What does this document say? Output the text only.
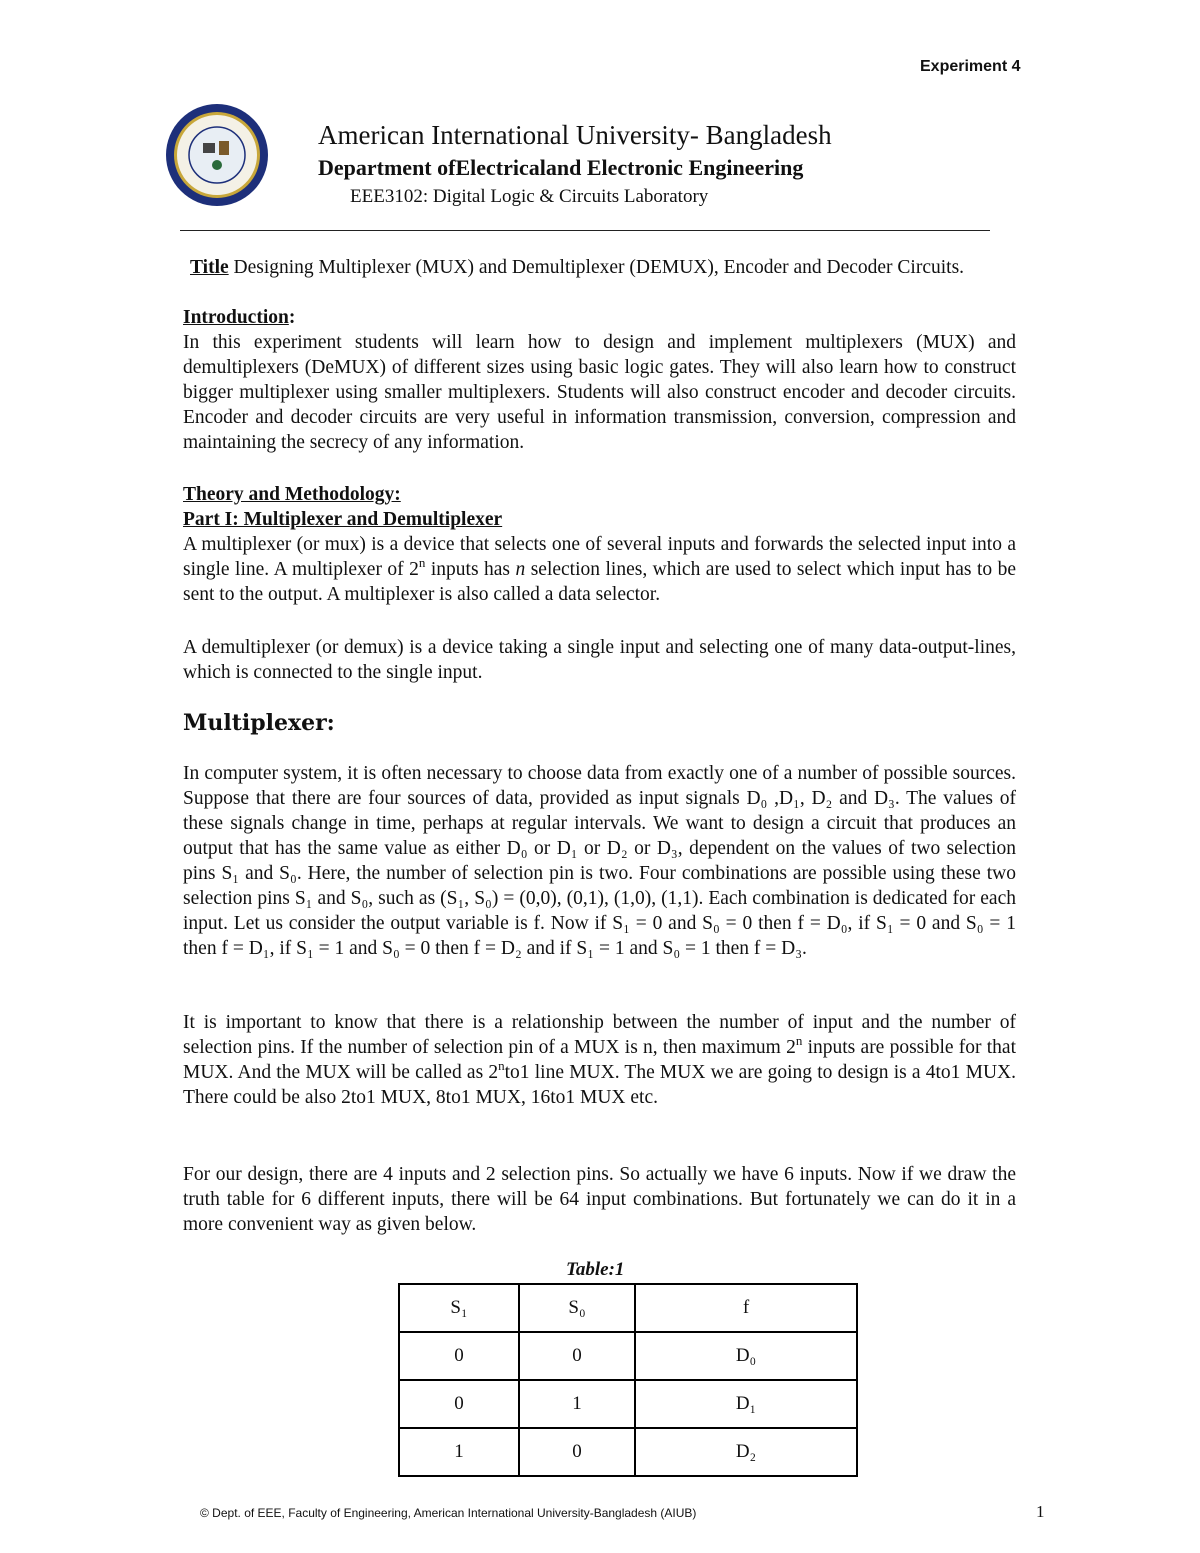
Experiment 4
American International University- Bangladesh
Department ofElectricaland Electronic Engineering
EEE3102: Digital Logic & Circuits Laboratory
Title Designing Multiplexer (MUX) and Demultiplexer (DEMUX), Encoder and Decoder Circuits.

Introduction:

In this experiment students will learn how to design and implement multiplexers (MUX) and demultiplexers (DeMUX) of different sizes using basic logic gates. They will also learn how to construct bigger multiplexer using smaller multiplexers. Students will also construct encoder and decoder circuits. Encoder and decoder circuits are very useful in information transmission, conversion, compression and maintaining the secrecy of any information.

Theory and Methodology:

Part I: Multiplexer and Demultiplexer

A multiplexer (or mux) is a device that selects one of several inputs and forwards the selected input into a single line. A multiplexer of 2$^n$ inputs has n selection lines, which are used to select which input has to be sent to the output. A multiplexer is also called a data selector.

A demultiplexer (or demux) is a device taking a single input and selecting one of many data-output-lines, which is connected to the single input.
Multiplexer:
In computer system, it is often necessary to choose data from exactly one of a number of possible sources. Suppose that there are four sources of data, provided as input signals D₀ ,D₁, D₂ and D₃. The values of these signals change in time, perhaps at regular intervals. We want to design a circuit that produces an output that has the same value as either D₀ or D₁ or D₂ or D₃, dependent on the values of two selection pins S₁ and S₀. Here, the number of selection pin is two. Four combinations are possible using these two selection pins S₁ and S₀, such as (S₁, S₀) = (0,0), (0,1), (1,0), (1,1). Each combination is dedicated for each input. Let us consider the output variable is f. Now if S₁ = 0 and S₀ = 0 then f = D₀, if S₁ = 0 and S₀ = 1 then f = D₁, if S₁ = 1 and S₀ = 0 then f = D₂ and if S₁ = 1 and S₀ = 1 then f = D₃.
It is important to know that there is a relationship between the number of input and the number of selection pins. If the number of selection pin of a MUX is n, then maximum 2$^n$ inputs are possible for that MUX. And the MUX will be called as 2$^n$to1 line MUX. The MUX we are going to design is a 4to1 MUX. There could be also 2to1 MUX, 8to1 MUX, 16to1 MUX etc.
For our design, there are 4 inputs and 2 selection pins. So actually we have 6 inputs. Now if we draw the truth table for 6 different inputs, there will be 64 input combinations. But fortunately we can do it in a more convenient way as given below.
Table:1
S₁	S₀	f
0	0	D₀
0	1	D₁
1	0	D₂
© Dept. of EEE, Faculty of Engineering, American International University-Bangladesh (AIUB)	1
